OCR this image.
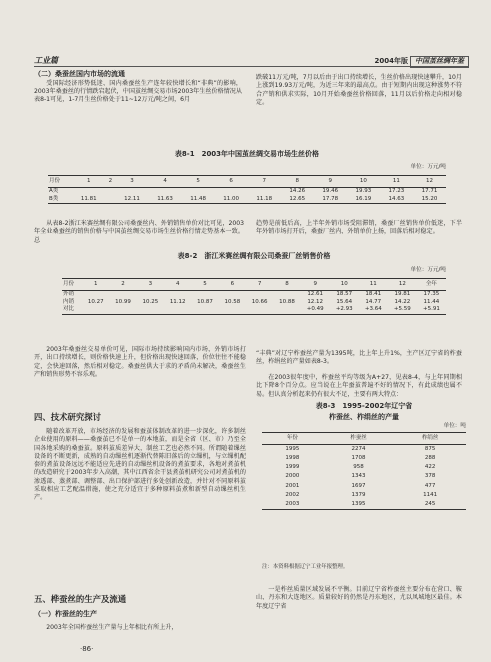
工业篇	2004年版 中国茧丝绸年鉴
（二）桑蚕丝国内市场的流通
受国际经济形势低迷、国内桑蚕丝生产连年较快增长和“非典”的影响，2003年桑蚕丝的行情跌宕起伏，中国茧丝绸交易市场2003年生丝价格情况从表8-1可见，1-7月生丝价格处于11~12万元/吨之间，6月
跌破11万元/吨，7月以后由于出口持续增长，生丝价格出现快速攀升，10月上涨到19.93万元/吨，为近三年来的最高点。由于短期内出现这种涨势不符合产销和供求实际，10月开始桑蚕丝价格回落，11月以后价格走向相对稳定。
表8-1　2003年中国茧丝绸交易市场生丝价格
单位：万元/吨
月份	1	2	3	4	5	6	7	8	9	10	11	12
A类								14.26	19.46	19.93	17.23	17.71
B类	11.81		12.11	11.63	11.48	11.00	11.18	12.65	17.78	16.19	14.63	15.20
从表8-2浙江米赛丝绸有限公司桑蚕丝内、外销销售单价对比可见，2003年全业桑蚕丝的销售价格与中国茧丝绸交易市场生丝价格行情走势基本一致。总
趋势是前低后高，上半年外销市场受阻滞销，桑蚕厂丝销售单价低迷，下半年外销市场打开后，桑蚕厂丝内、外销单价上扬，回落后相对稳定。
表8-2　浙江米赛丝绸有限公司桑蚕厂丝销售价格
单位：万元/吨
月份	1	2	3	4	5	6	7	8	9	10	11	12	全年
外销									12.61	18.57	18.41	19.81	17.35
内销	10.27	10.99	10.25	11.12	10.87	10.58	10.66	10.88	12.12	15.64	14.77	14.22	11.44
对比									+0.49	+2.93	+3.64	+5.59	+5.91
2003年桑蚕丝交易单价可见，国际市场持续影响国内市场，外销市场打开，出口持续增长，则价格快速上升，但价格出现快速回落，价位往往不能稳定，会快速回落，然后相对稳定。桑蚕丝供大于求的矛盾尚未解决，桑蚕丝生产和销售形势不容乐观。
四、技术研究探讨
随着改革开放，市场经济的发展和蚕茧体制改革的进一步深化，许多制丝企业使用的原料——桑蚕茧已不是单一的本地茧，而是全省（区、市）乃至全国各地采购的桑蚕茧。原料茧质差异大，制丝工艺也必然不同。所谓随着缫丝设备的不断更新，成熟的自动缫丝机逐渐代替陈旧落后的立缫机，与立缫机配套的煮茧设备远远不能适应先进的自动缫丝机设备的煮茧要求，各地对煮茧机的改造研究于2003年步入高潮，其中江西省余干县煮茧机研究公司对煮茧机的渗透部、蒸煮部、调整部、出口保护部进行多处创新改造，并针对不同原料茧采取相应工艺配温措施，使之充分适宜于多种原料茧煮和新型自动缫丝机生产。
五、桦蚕丝的生产及流通
（一）柞蚕丝的生产
2003年全国柞蚕丝生产量与上年相比有所上升，
“丰典”对辽宁柞蚕丝产量为1395吨，比上年上升1%，主产区辽宁省的柞蚕丝，柞绢丝的产量如表8-3。
在2003很年度中，柞蚕丝平均等级为A+27，见表8-4，与上年同期相比下降8个百分点。应当说在上年蚕茧普遍不好的情况下，有此成绩也属不易。但认真分析起来仍有很大不足，主要有两大特点：
表8-3　1995-2002年辽宁省
柞蚕丝、柞绢丝的产量
单位：吨
年份	柞蚕丝	柞绢丝
1995	2274	875
1998	1708	288
1999	958	422
2000	1343	378
2001	1697	477
2002	1379	1141
2003	1395	245
注：本资料根据辽宁工业年报整理。
一是柞丝质量区域发展不平衡。目前辽宁省柞蚕丝主要分布在营口、鞍山、丹东和大连地区。质量较好的仍然是丹东地区，尤以凤城地区最佳。本年度辽宁省
·86·
